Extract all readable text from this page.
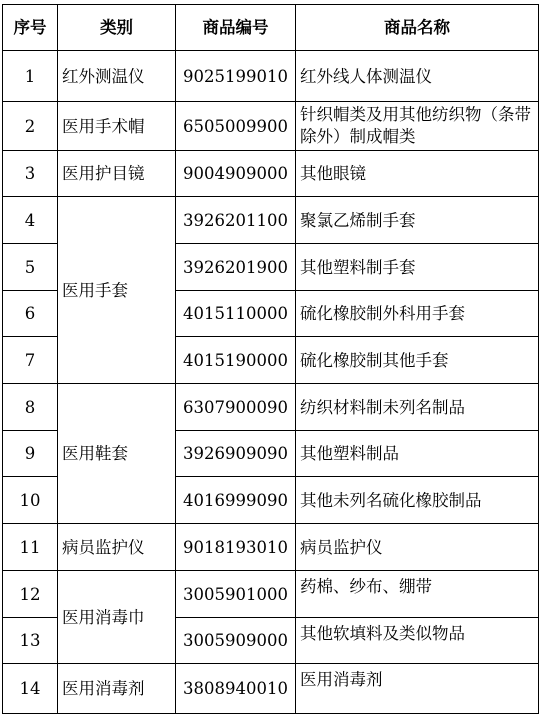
序号	类别	商品编号	商品名称
1	红外测温仪	9025199010	红外线人体测温仪
2	医用手术帽	6505009900	针织帽类及用其他纺织物（条带除外）制成帽类
3	医用护目镜	9004909000	其他眼镜
4	医用手套	3926201100	聚氯乙烯制手套
5		3926201900	其他塑料制手套
6		4015110000	硫化橡胶制外科用手套
7		4015190000	硫化橡胶制其他手套
8	医用鞋套	6307900090	纺织材料制未列名制品
9		3926909090	其他塑料制品
10		4016999090	其他未列名硫化橡胶制品
11	病员监护仪	9018193010	病员监护仪
12	医用消毒巾	3005901000	药棉、纱布、绷带
13		3005909000	其他软填料及类似物品
14	医用消毒剂	3808940010	医用消毒剂
